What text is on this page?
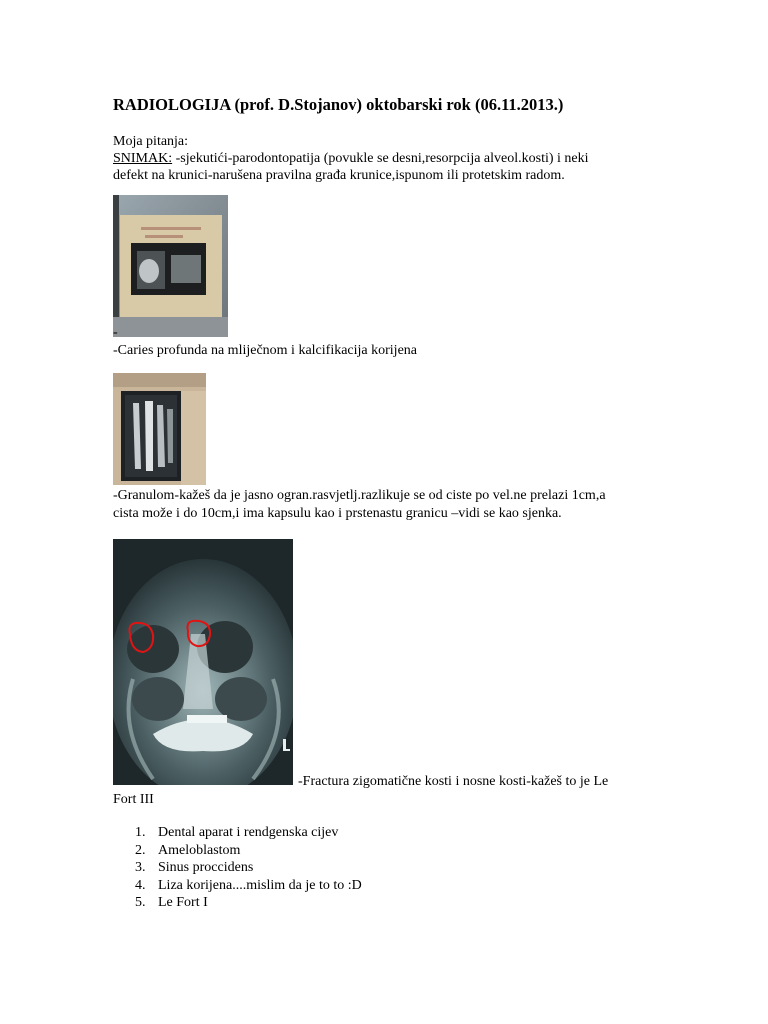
RADIOLOGIJA (prof. D.Stojanov) oktobarski rok (06.11.2013.)
Moja pitanja:
SNIMAK: -sjekutići-parodontopatija (povukle se desni,resorpcija alveol.kosti) i neki
defekt na krunici-narušena pravilna građa krunice,ispunom ili protetskim radom.
-
-Caries profunda na mliječnom i kalcifikacija korijena
-Granulom-kažeš da je jasno ogran.rasvjetlj.razlikuje se od ciste po vel.ne prelazi 1cm,a
cista može i do 10cm,i ima kapsulu kao i prstenastu granicu –vidi se kao sjenka.
-Fractura zigomatične kosti i nosne kosti-kažeš to je Le
Fort III
1. Dental aparat i rendgenska cijev
2. Ameloblastom
3. Sinus proccidens
4. Liza korijena....mislim da je to to :D
5. Le Fort I
